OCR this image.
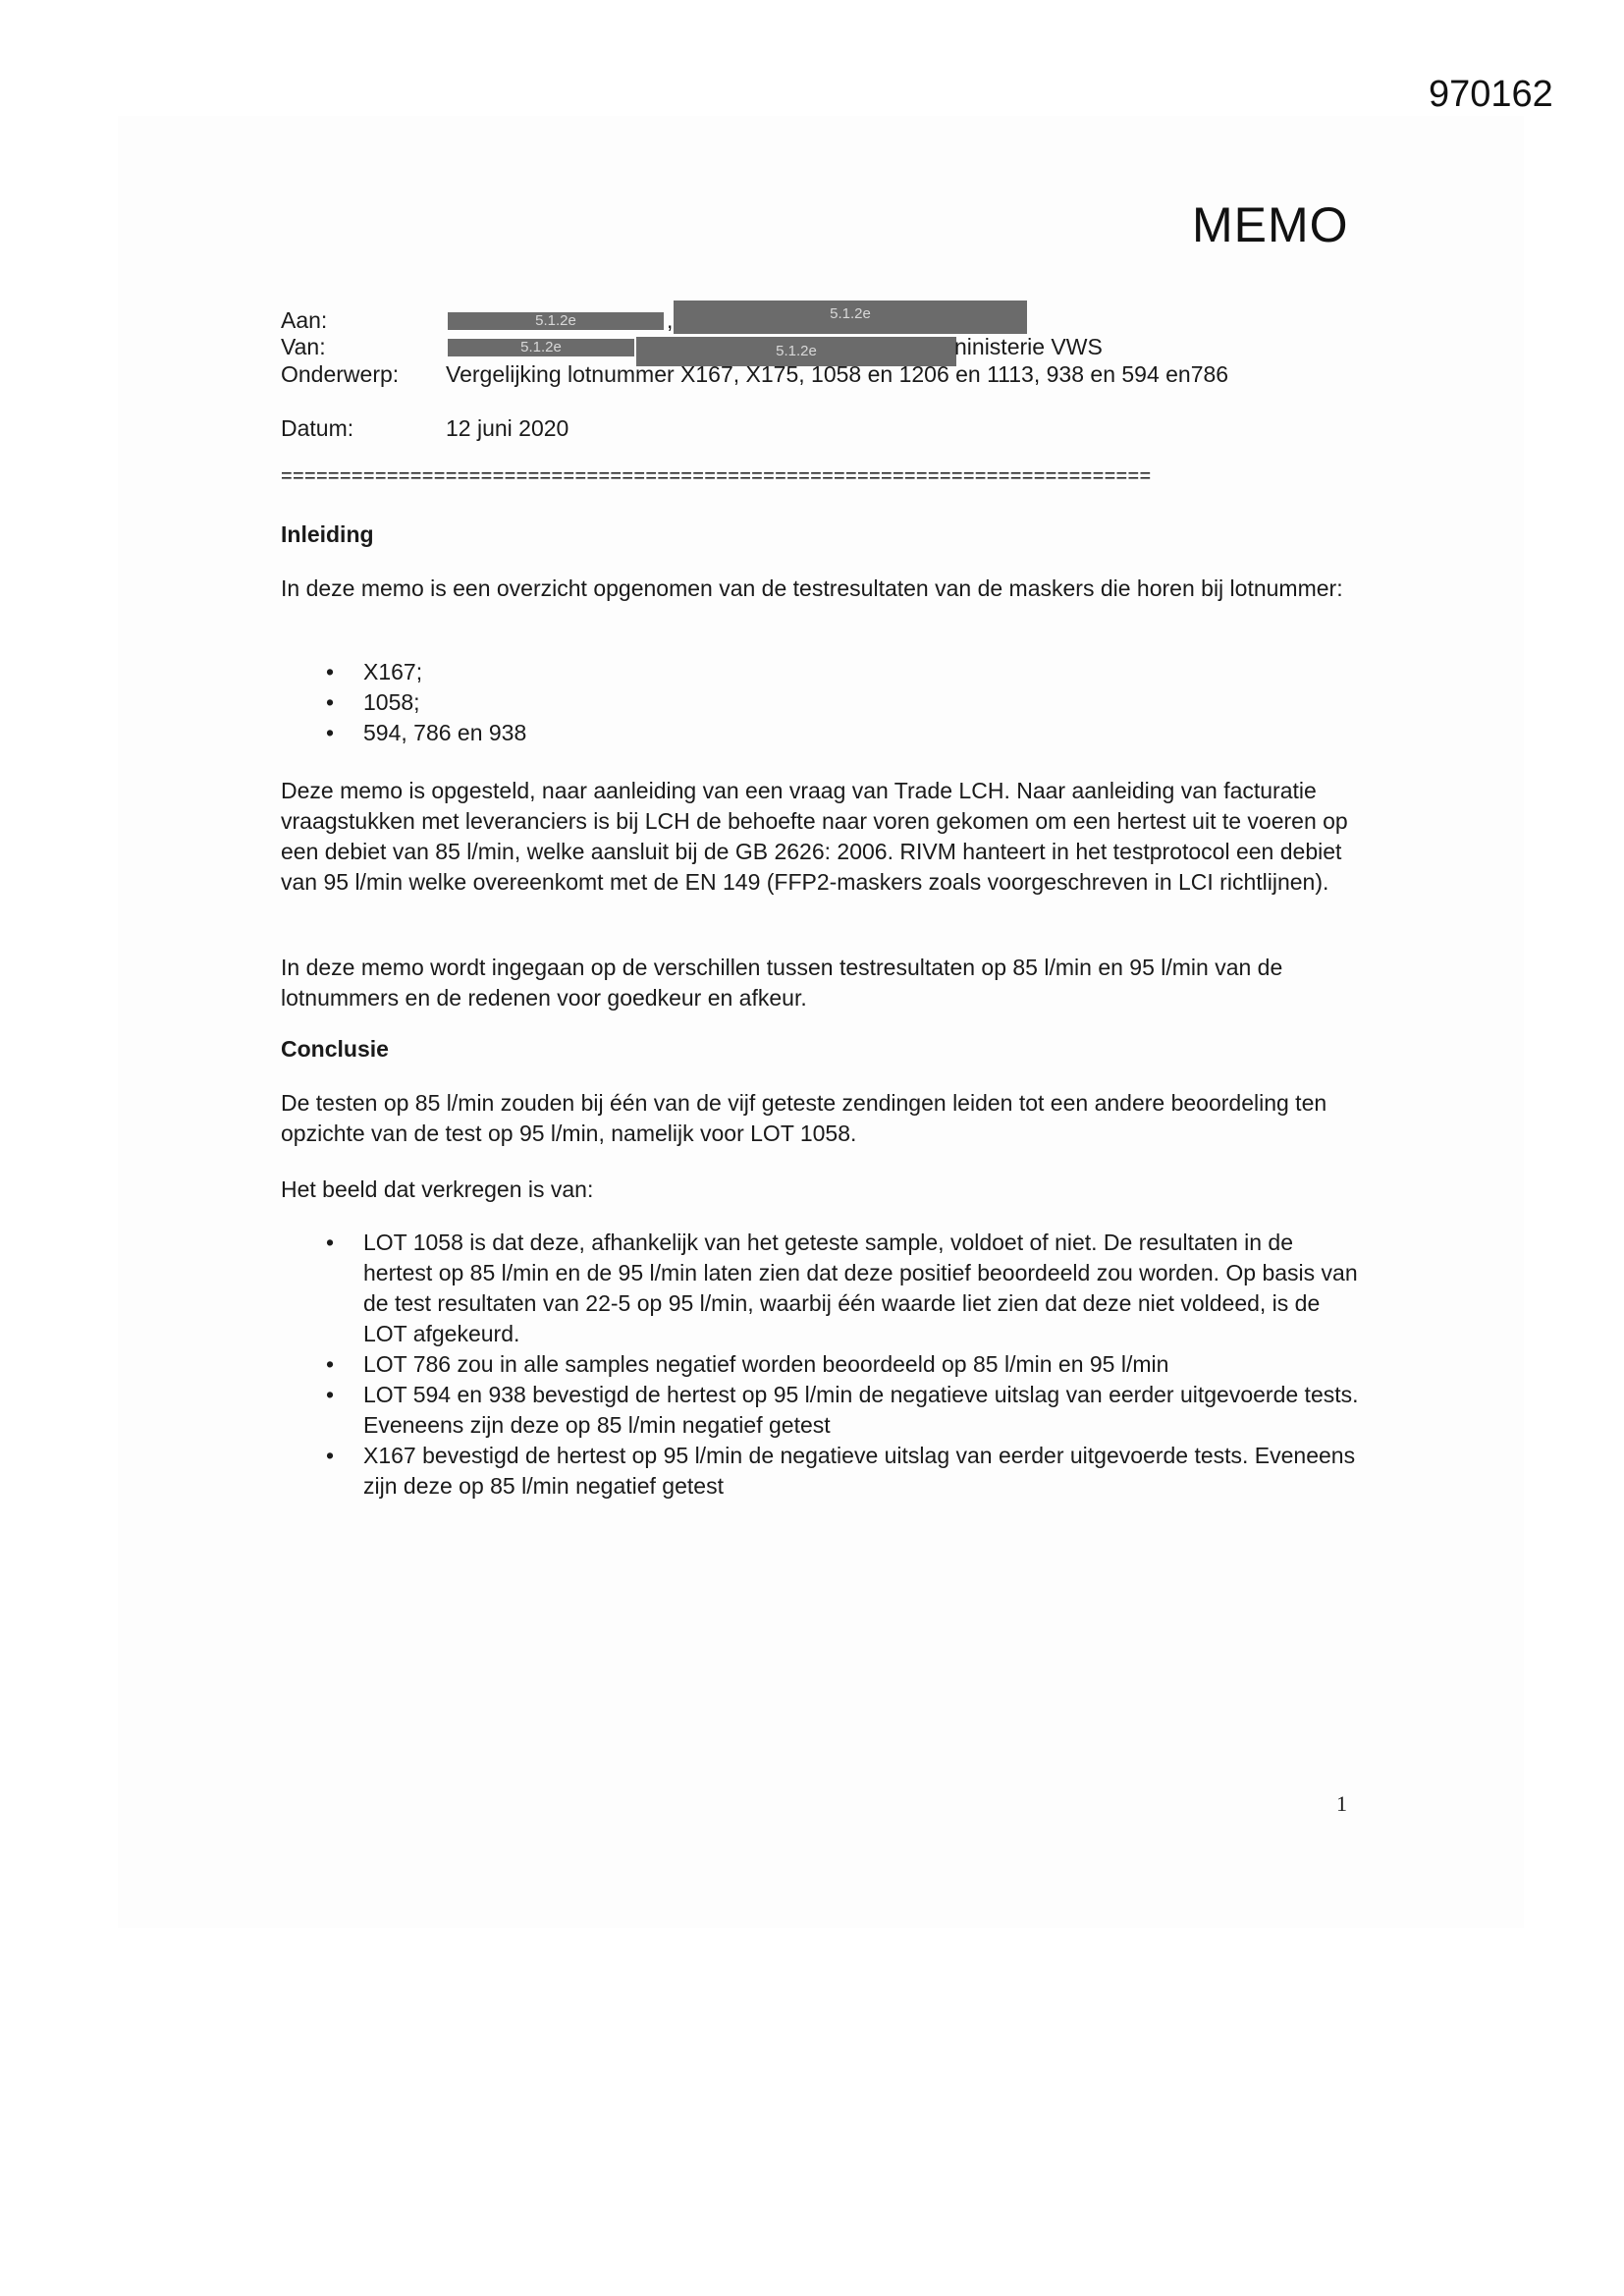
970162
MEMO
Aan:	5.1.2e	,	5.1.2e
Van:	5.1.2e	5.1.2e	ninisterie VWS
Onderwerp: Vergelijking lotnummer X167, X175, 1058 en 1206 en 1113, 938 en 594 en786
Datum:	12 juni 2020
==========================================================================
Inleiding
In deze memo is een overzicht opgenomen van de testresultaten van de maskers die horen bij lotnummer:
• X167;
• 1058;
• 594, 786 en 938
Deze memo is opgesteld, naar aanleiding van een vraag van Trade LCH. Naar aanleiding van facturatie vraagstukken met leveranciers is bij LCH de behoefte naar voren gekomen om een hertest uit te voeren op een debiet van 85 l/min, welke aansluit bij de GB 2626: 2006. RIVM hanteert in het testprotocol een debiet van 95 l/min welke overeenkomt met de EN 149 (FFP2-maskers zoals voorgeschreven in LCI richtlijnen).
In deze memo wordt ingegaan op de verschillen tussen testresultaten op 85 l/min en 95 l/min van de lotnummers en de redenen voor goedkeur en afkeur.
Conclusie
De testen op 85 l/min zouden bij één van de vijf geteste zendingen leiden tot een andere beoordeling ten opzichte van de test op 95 l/min, namelijk voor LOT 1058.
Het beeld dat verkregen is van:
• LOT 1058 is dat deze, afhankelijk van het geteste sample, voldoet of niet. De resultaten in de hertest op 85 l/min en de 95 l/min laten zien dat deze positief beoordeeld zou worden. Op basis van de test resultaten van 22-5 op 95 l/min, waarbij één waarde liet zien dat deze niet voldeed, is de LOT afgekeurd.
• LOT 786 zou in alle samples negatief worden beoordeeld op 85 l/min en 95 l/min
• LOT 594 en 938 bevestigd de hertest op 95 l/min de negatieve uitslag van eerder uitgevoerde tests. Eveneens zijn deze op 85 l/min negatief getest
• X167 bevestigd de hertest op 95 l/min de negatieve uitslag van eerder uitgevoerde tests. Eveneens zijn deze op 85 l/min negatief getest
1
